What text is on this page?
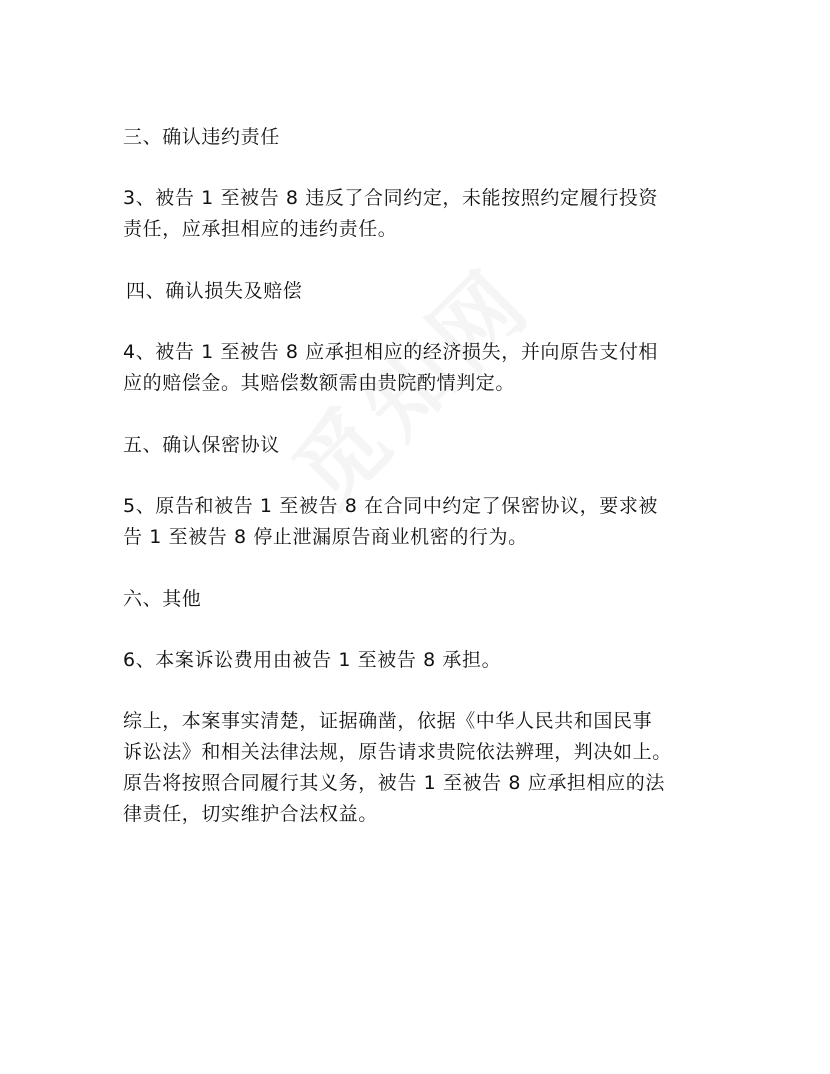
三、确认违约责任
3、被告 1 至被告 8 违反了合同约定，未能按照约定履行投资
责任，应承担相应的违约责任。
四、确认损失及赔偿
4、被告 1 至被告 8 应承担相应的经济损失，并向原告支付相
应的赔偿金。其赔偿数额需由贵院酌情判定。
五、确认保密协议
5、原告和被告 1 至被告 8 在合同中约定了保密协议，要求被
告 1 至被告 8 停止泄漏原告商业机密的行为。
六、其他
6、本案诉讼费用由被告 1 至被告 8 承担。
综上，本案事实清楚，证据确凿，依据《中华人民共和国民事
诉讼法》和相关法律法规，原告请求贵院依法辨理，判决如上。
原告将按照合同履行其义务，被告 1 至被告 8 应承担相应的法
律责任，切实维护合法权益。
